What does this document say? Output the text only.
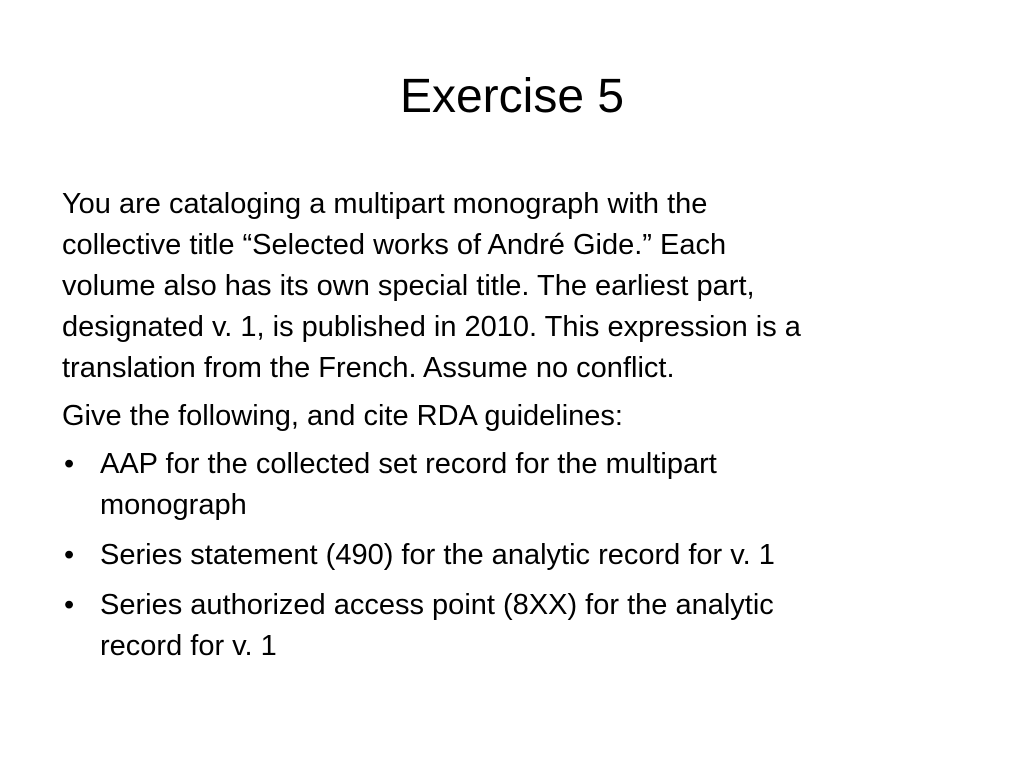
Exercise 5
You are cataloging a multipart monograph with the
collective title “Selected works of André Gide.” Each
volume also has its own special title. The earliest part,
designated v. 1, is published in 2010. This expression is a
translation from the French. Assume no conflict.
Give the following, and cite RDA guidelines:
• AAP for the collected set record for the multipart
monograph
• Series statement (490) for the analytic record for v. 1
• Series authorized access point (8XX) for the analytic
record for v. 1
